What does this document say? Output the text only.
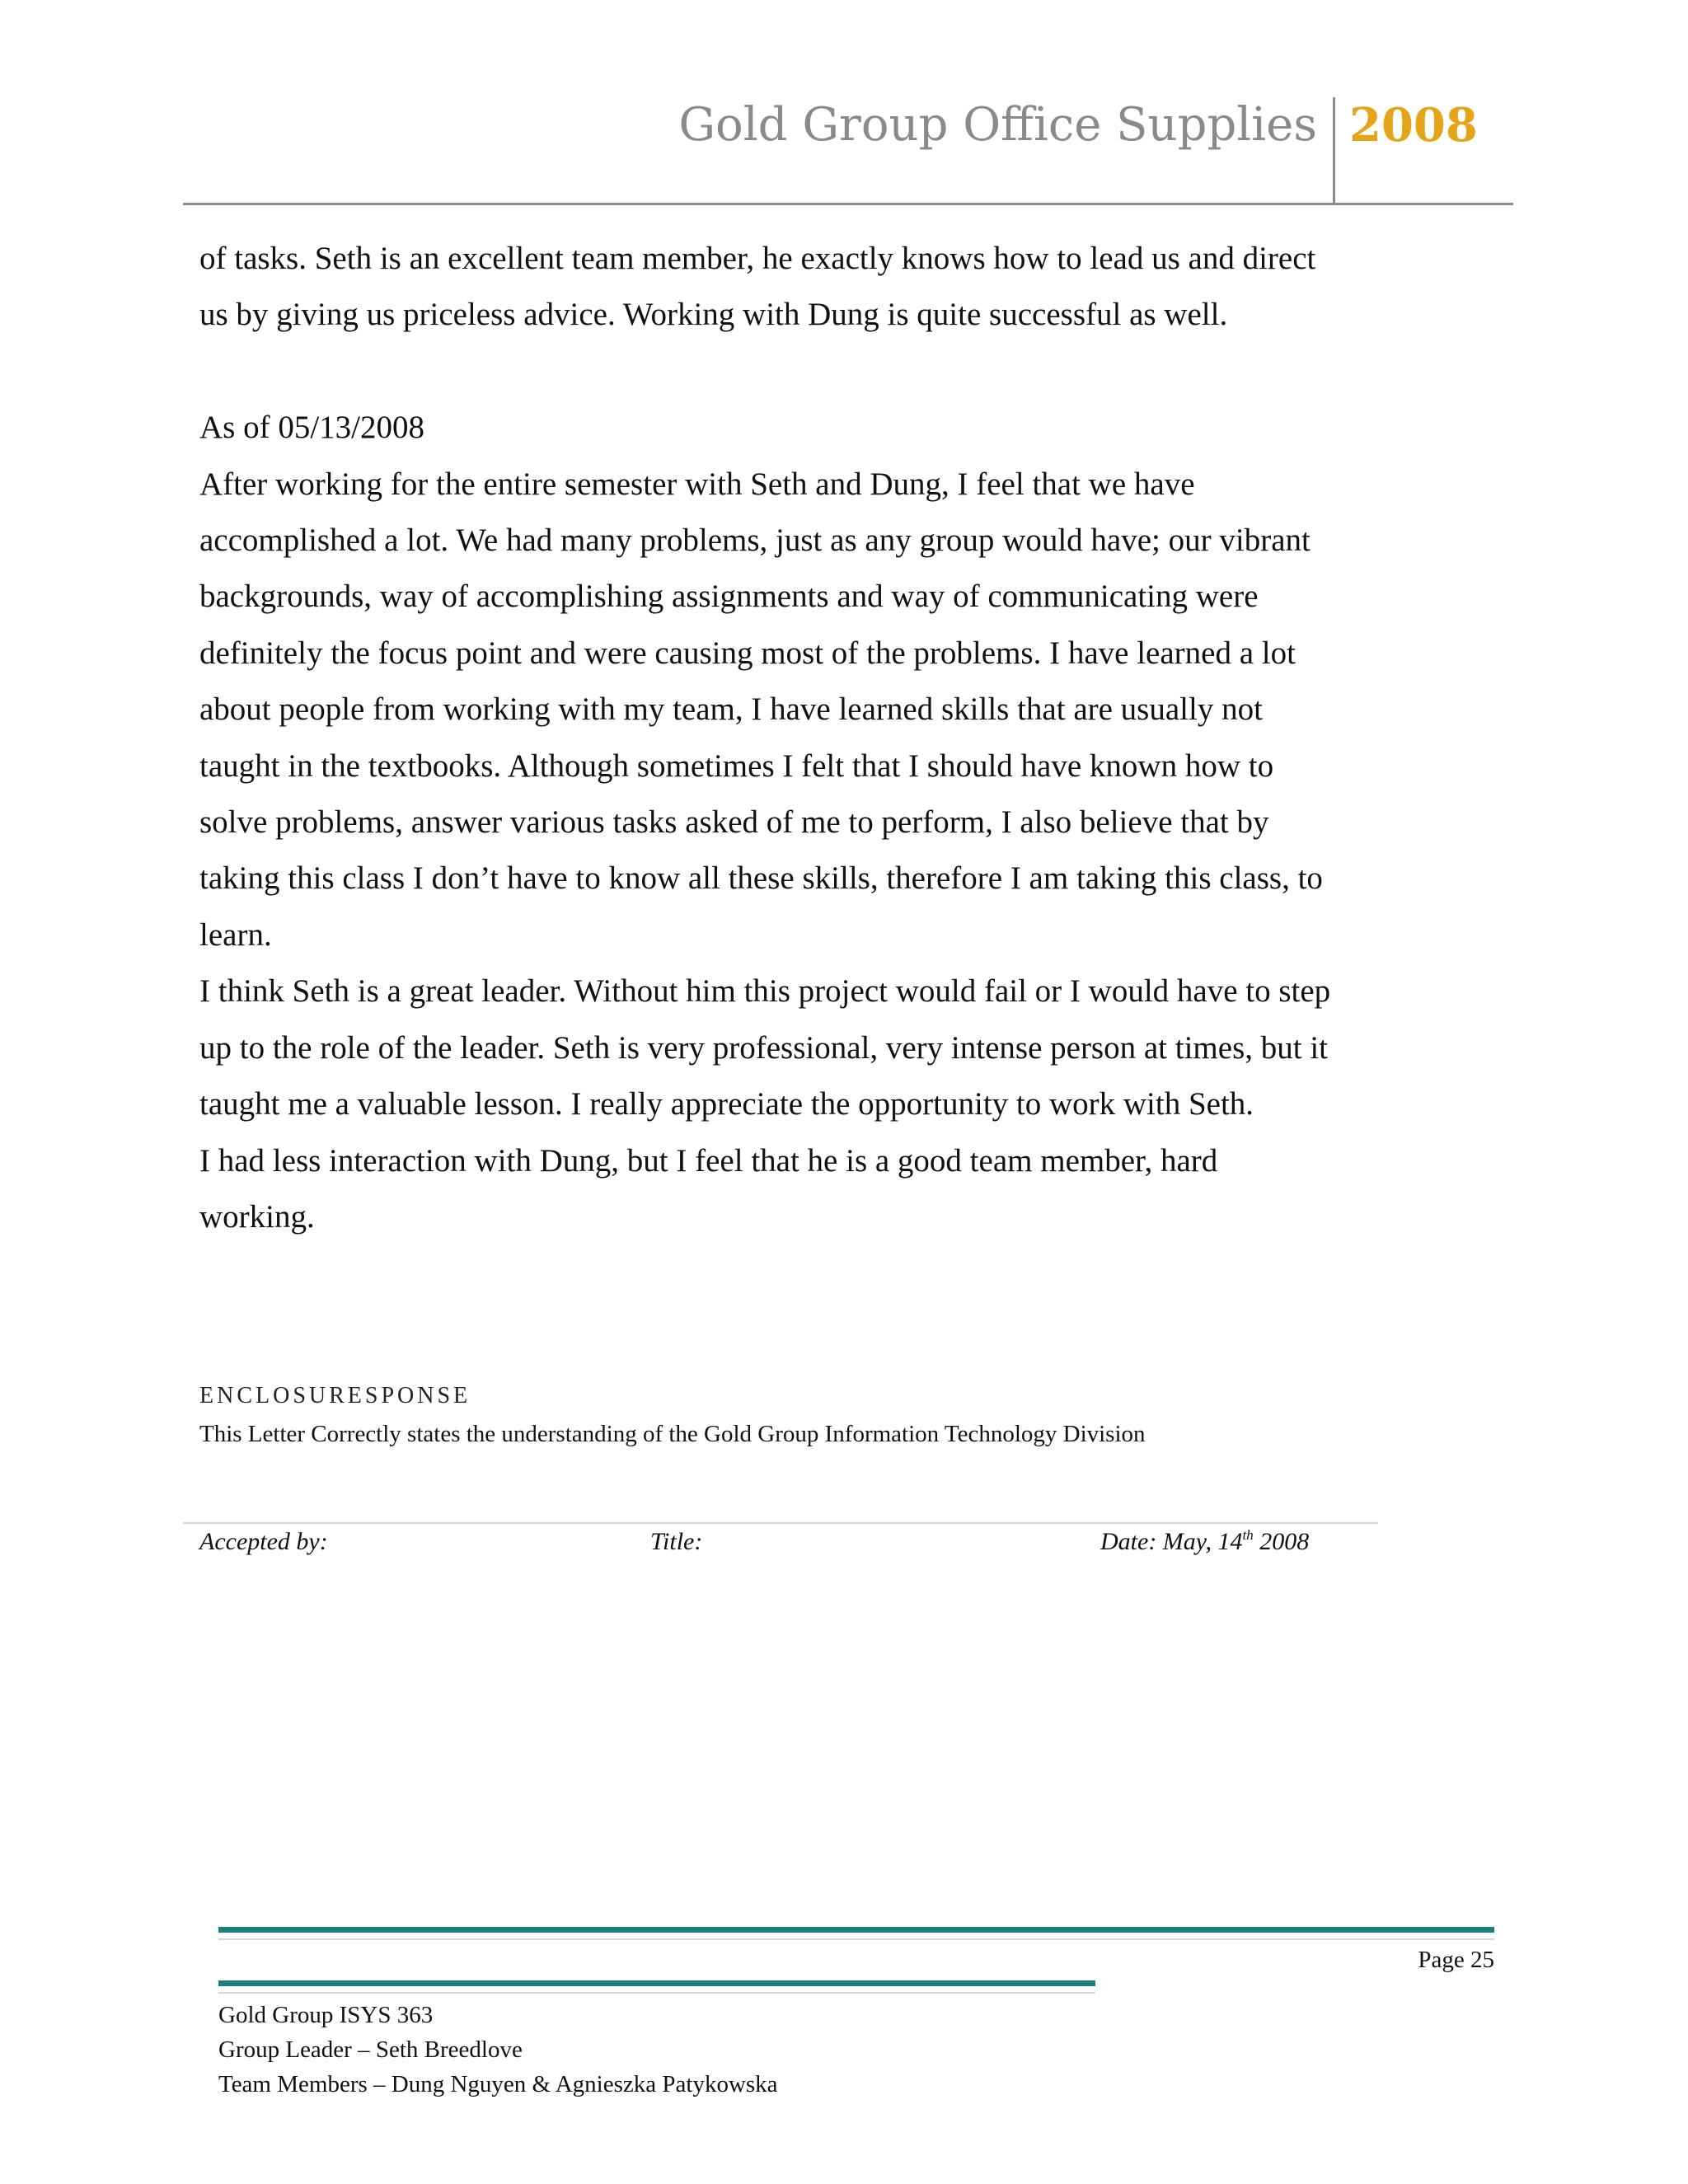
Gold Group Office Supplies 2008

of tasks. Seth is an excellent team member, he exactly knows how to lead us and direct

us by giving us priceless advice. Working with Dung is quite successful as well.

As of 05/13/2008

After working for the entire semester with Seth and Dung, I feel that we have

accomplished a lot. We had many problems, just as any group would have; our vibrant

backgrounds, way of accomplishing assignments and way of communicating were

definitely the focus point and were causing most of the problems. I have learned a lot

about people from working with my team, I have learned skills that are usually not

taught in the textbooks. Although sometimes I felt that I should have known how to

solve problems, answer various tasks asked of me to perform, I also believe that by

taking this class I don’t have to know all these skills, therefore I am taking this class, to

learn.

I think Seth is a great leader. Without him this project would fail or I would have to step

up to the role of the leader. Seth is very professional, very intense person at times, but it

taught me a valuable lesson. I really appreciate the opportunity to work with Seth.

I had less interaction with Dung, but I feel that he is a good team member, hard

working.

ENCLOSURESPONSE
This Letter Correctly states the understanding of the Gold Group Information Technology Division
Accepted by:	Title:	Date: May, 14th 2008
Page 25
Gold Group ISYS 363
Group Leader – Seth Breedlove
Team Members – Dung Nguyen & Agnieszka Patykowska
